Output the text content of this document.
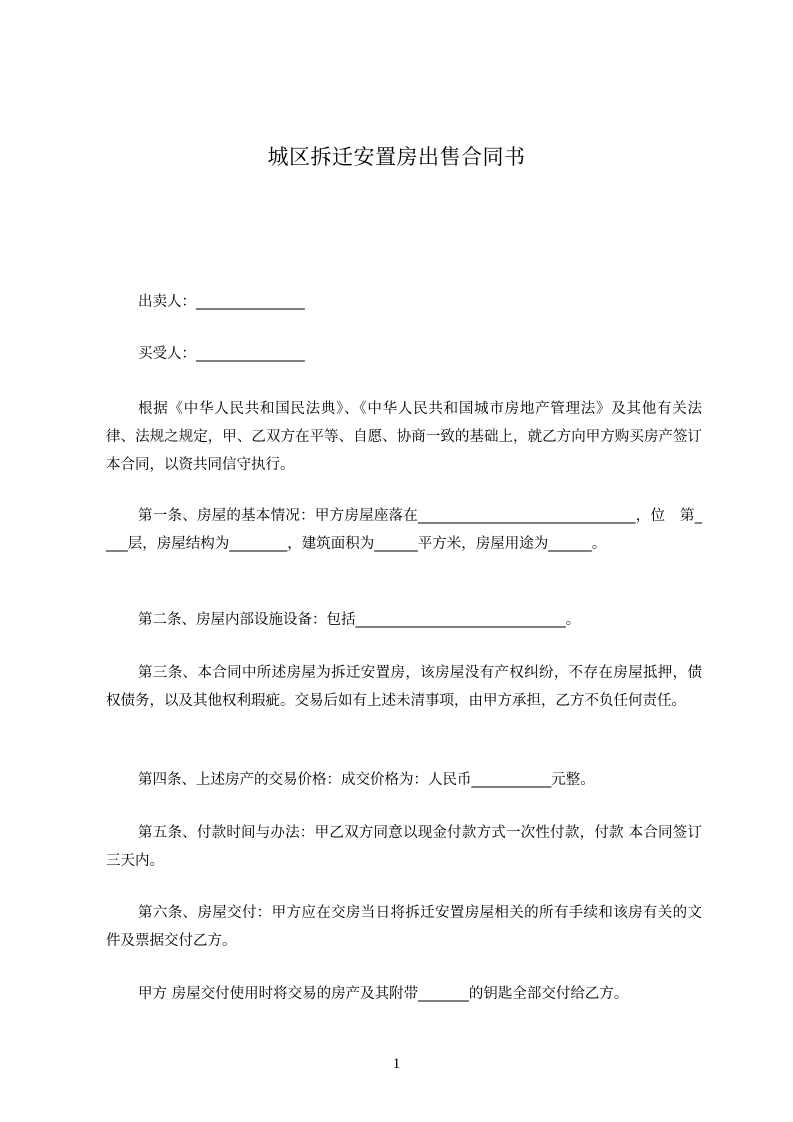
城区拆迁安置房出售合同书
出卖人：_______________
买受人：_______________
根据《中华人民共和国民法典》、《中华人民共和国城市房地产管理法》及其他有关法律、法规之规定，甲、乙双方在平等、自愿、协商一致的基础上，就乙方向甲方购买房产签订本合同，以资共同信守执行。
第一条、房屋的基本情况：甲方房屋座落在______________________________，位　第____层，房屋结构为________，建筑面积为______平方米，房屋用途为______。
第二条、房屋内部设施设备：包括_____________________________。
第三条、本合同中所述房屋为拆迁安置房，该房屋没有产权纠纷，不存在房屋抵押，债权债务，以及其他权利瑕疵。交易后如有上述未清事项，由甲方承担，乙方不负任何责任。
第四条、上述房产的交易价格：成交价格为：人民币___________元整。
第五条、付款时间与办法：甲乙双方同意以现金付款方式一次性付款，付款 本合同签订三天内。
第六条、房屋交付：甲方应在交房当日将拆迁安置房屋相关的所有手续和该房有关的文件及票据交付乙方。
甲方 房屋交付使用时将交易的房产及其附带_______的钥匙全部交付给乙方。
1
